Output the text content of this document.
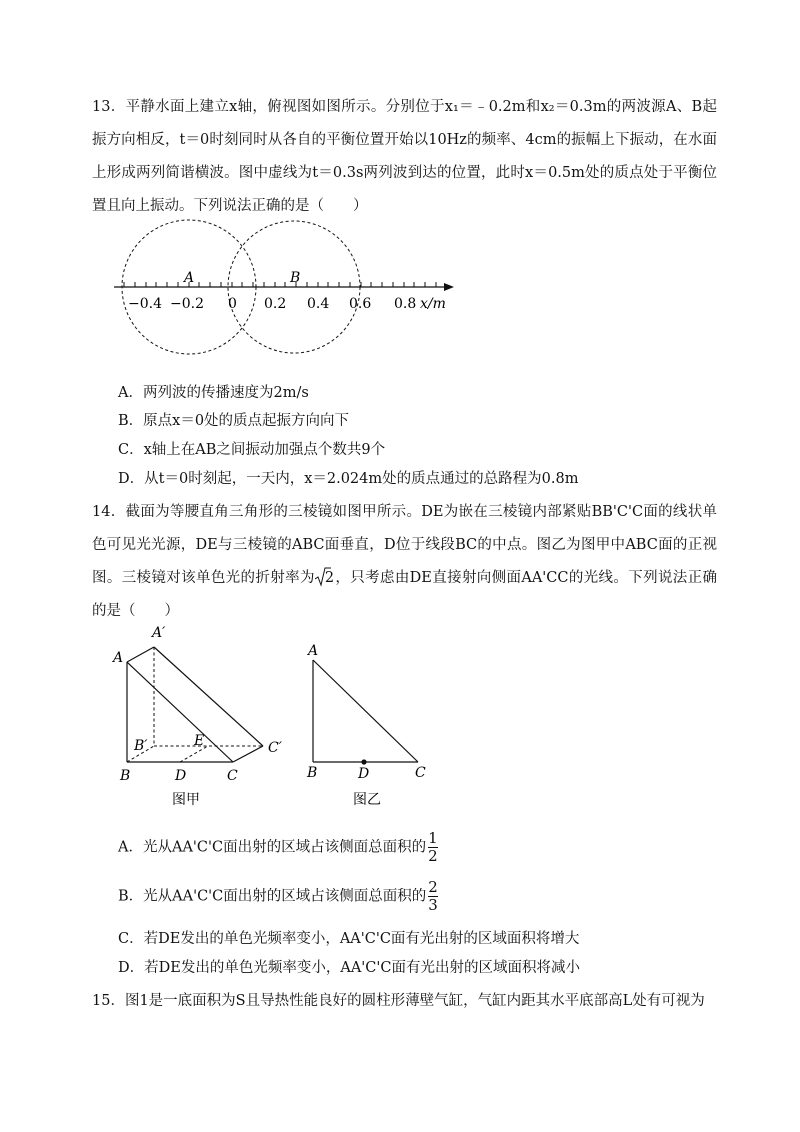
13．平静水面上建立x轴，俯视图如图所示。分别位于x₁＝﹣0.2m和x₂＝0.3m的两波源A、B起振方向相反，t＝0时刻同时从各自的平衡位置开始以10Hz的频率、4cm的振幅上下振动，在水面上形成两列简谐横波。图中虚线为t＝0.3s两列波到达的位置，此时x＝0.5m处的质点处于平衡位置且向上振动。下列说法正确的是（　　）
A	B
−0.4 −0.2 0 0.2 0.4 0.6 0.8 x/m
A．两列波的传播速度为2m/s
B．原点x＝0处的质点起振方向向下
C．x轴上在AB之间振动加强点个数共9个
D．从t＝0时刻起，一天内，x＝2.024m处的质点通过的总路程为0.8m
14．截面为等腰直角三角形的三棱镜如图甲所示。DE为嵌在三棱镜内部紧贴BB'C'C面的线状单色可见光光源，DE与三棱镜的ABC面垂直，D位于线段BC的中点。图乙为图甲中ABC面的正视图。三棱镜对该单色光的折射率为 2，只考虑由DE直接射向侧面AA'CC的光线。下列说法正确的是（　　）
A
A′
B′	E	C′
B	D	C
图甲
A
B	D	C
图乙
A．光从AA'C'C面出射的区域占该侧面总面积的 $\frac{1}{2}$
B．光从AA'C'C面出射的区域占该侧面总面积的 $\frac{2}{3}$
C．若DE发出的单色光频率变小，AA'C'C面有光出射的区域面积将增大
D．若DE发出的单色光频率变小，AA'C'C面有光出射的区域面积将减小
15．图1是一底面积为S且导热性能良好的圆柱形薄壁气缸，气缸内距其水平底部高L处有可视为
